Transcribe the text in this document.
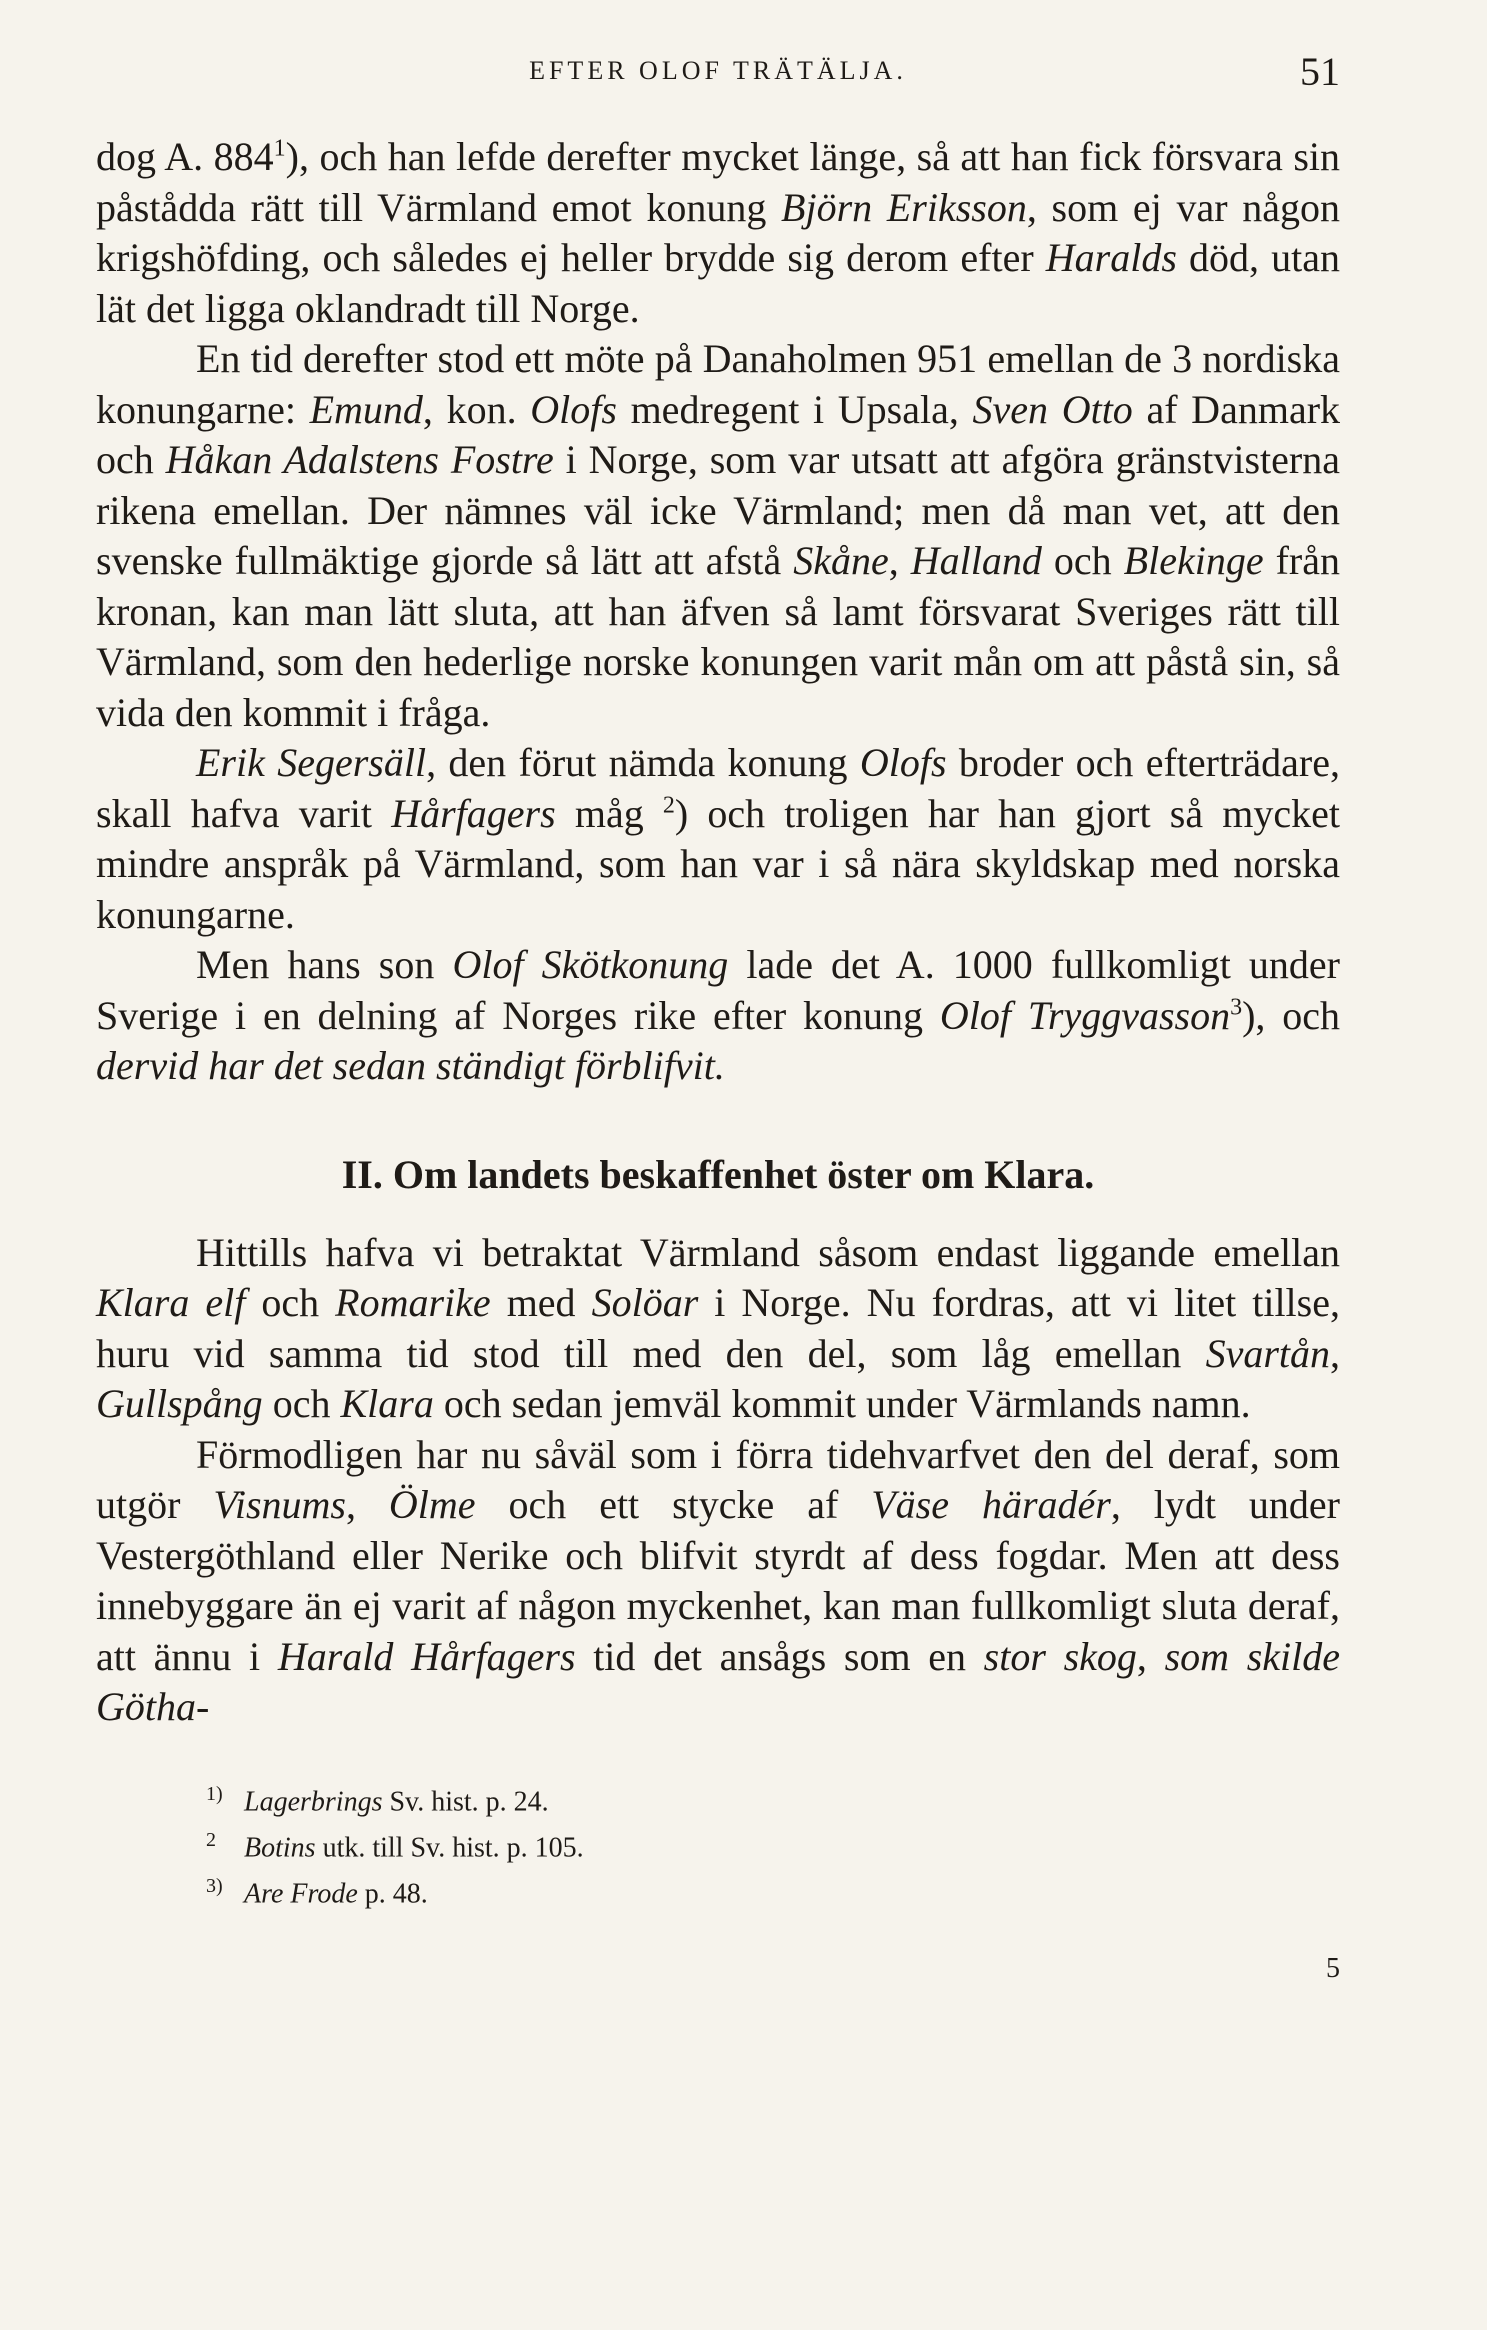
EFTER OLOF TRÄTÄLJA.	51

dog A. $884^1$), och han lefde derefter mycket länge, så att han fick försvara sin påstådda rätt till Värmland emot konung Björn Eriksson, som ej var någon krigshöfding, och således ej heller brydde sig derom efter Haralds död, utan lät det ligga oklandradt till Norge.

En tid derefter stod ett möte på Danaholmen 951 emellan de 3 nordiska konungarne: Emund, kon. Olofs medregent i Upsala, Sven Otto af Danmark och Håkan Adalstens Fostre i Norge, som var utsatt att afgöra gränstvisterna rikena emellan. Der nämnes väl icke Värmland; men då man vet, att den svenske fullmäktige gjorde så lätt att afstå Skåne, Halland och Blekinge från kronan, kan man lätt sluta, att han äfven så lamt försvarat Sveriges rätt till Värmland, som den hederlige norske konungen varit mån om att påstå sin, så vida den kommit i fråga.

Erik Segersäll, den förut nämda konung Olofs broder och efterträdare, skall hafva varit Hårfagers måg $^2$) och troligen har han gjort så mycket mindre anspråk på Värmland, som han var i så nära skyldskap med norska konungarne.

Men hans son Olof Skötkonung lade det A. 1000 fullkomligt under Sverige i en delning af Norges rike efter konung Olof Tryggvasson$^3$), och dervid har det sedan ständigt förblifvit.

II. Om landets beskaffenhet öster om Klara.

Hittills hafva vi betraktat Värmland såsom endast liggande emellan Klara elf och Romarike med Solöar i Norge. Nu fordras, att vi litet tillse, huru vid samma tid stod till med den del, som låg emellan Svartån, Gullspång och Klara och sedan jemväl kommit under Värmlands namn.

Förmodligen har nu såväl som i förra tidehvarfvet den del deraf, som utgör Visnums, Ölme och ett stycke af Väse häradér, lydt under Vestergöthland eller Nerike och blifvit styrdt af dess fogdar. Men att dess innebyggare än ej varit af någon myckenhet, kan man fullkomligt sluta deraf, att ännu i Harald Hårfagers tid det ansågs som en stor skog, som skilde Götha-

1) Lagerbrings Sv. hist. p. 24.
2 Botins utk. till Sv. hist. p. 105.
3) Are Frode p. 48.
5
